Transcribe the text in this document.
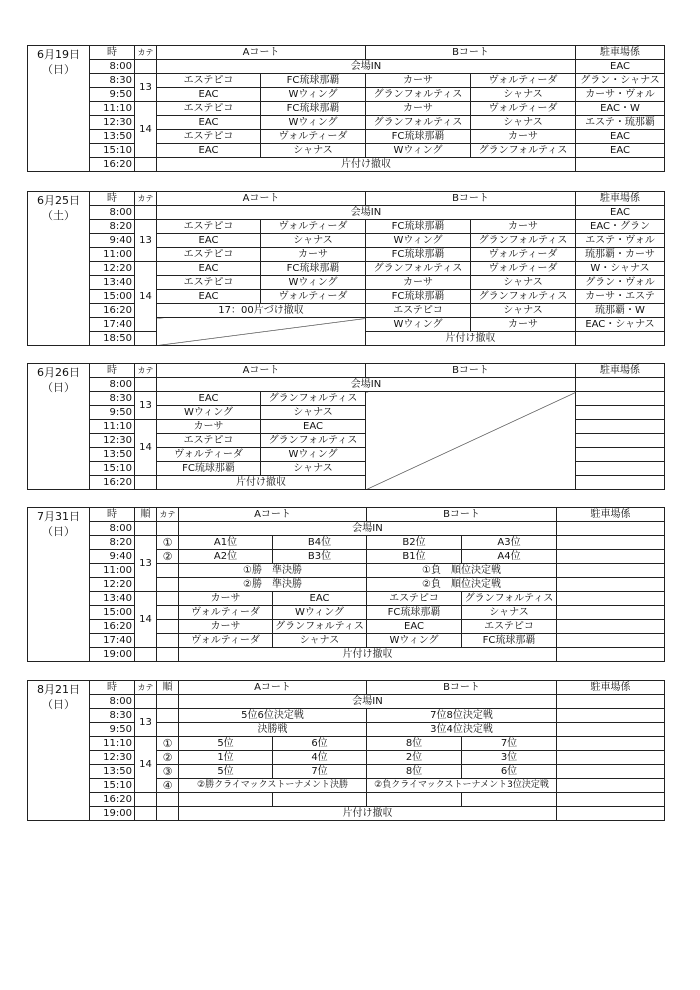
6月19日
（日）	時	カテ	Aコート		Bコート		駐車場係
	8:00		会場IN				EAC
	8:30	13	エステピコ	FC琉球那覇	カーサ	ヴォルティーダ	グラン・シャナス
	9:50		EAC	Wウィング	グランフォルティス	シャナス	カーサ・ヴォル
	11:10	14	エステピコ	FC琉球那覇	カーサ	ヴォルティーダ	EAC・W
	12:30		EAC	Wウィング	グランフォルティス	シャナス	エステ・琉那覇
	13:50		エステピコ	ヴォルティーダ	FC琉球那覇	カーサ	EAC
	15:10		EAC	シャナス	Wウィング	グランフォルティス	EAC
	16:20		片付け撤収				
6月25日
（土）	時	カテ	Aコート		Bコート		駐車場係
	8:00		会場IN				EAC
	8:20	13	エステピコ	ヴォルティーダ	FC琉球那覇	カーサ	EAC・グラン
	9:40		EAC	シャナス	Wウィング	グランフォルティス	エステ・ヴォル
	11:00		エステピコ	カーサ	FC琉球那覇	ヴォルティーダ	琉那覇・カーサ
	12:20	14	EAC	FC琉球那覇	グランフォルティス	ヴォルティーダ	W・シャナス
	13:40		エステピコ	Wウィング	カーサ	シャナス	グラン・ヴォル
	15:00		EAC	ヴォルティーダ	FC琉球那覇	グランフォルティス	カーサ・エステ
	16:20		17：00片づけ撤収		エステピコ	シャナス	琉那覇・W
	17:40				Wウィング	カーサ	EAC・シャナス
	18:50				片付け撤収		
6月26日
（日）	時	カテ	Aコート		Bコート	駐車場係
	8:00		会場IN			
	8:30	13	EAC	グランフォルティス		
	9:50		Wウィング	シャナス		
	11:10	14	カーサ	EAC		
	12:30		エステピコ	グランフォルティス		
	13:50		ヴォルティーダ	Wウィング		
	15:10		FC琉球那覇	シャナス		
	16:20		片付け撤収			
7月31日
（日）	時	順	カテ	Aコート		Bコート		駐車場係
	8:00			会場IN				
	8:20	13	①	A1位	B4位	B2位	A3位	
	9:40		②	A2位	B3位	B1位	A4位	
	11:00			①勝　準決勝		①負　順位決定戦		
	12:20			②勝　準決勝		②負　順位決定戦		
	13:40	14		カーサ	EAC	エステピコ	グランフォルティス	
	15:00			ヴォルティーダ	Wウィング	FC琉球那覇	シャナス	
	16:20			カーサ	グランフォルティス	EAC	エステピコ	
	17:40			ヴォルティーダ	シャナス	Wウィング	FC琉球那覇	
	19:00			片付け撤収				
8月21日
（日）	時	カテ	順	Aコート		Bコート		駐車場係
	8:00			会場IN				
	8:30	13		5位6位決定戦		7位8位決定戦		
	9:50			決勝戦		3位4位決定戦		
	11:10	14	①	5位	6位	8位	7位	
	12:30		②	1位	4位	2位	3位	
	13:50		③	5位	7位	8位	6位	
	15:10		④	②勝クライマックストーナメント決勝		②負クライマックストーナメント3位決定戦		
	16:20							
	19:00			片付け撤収				
